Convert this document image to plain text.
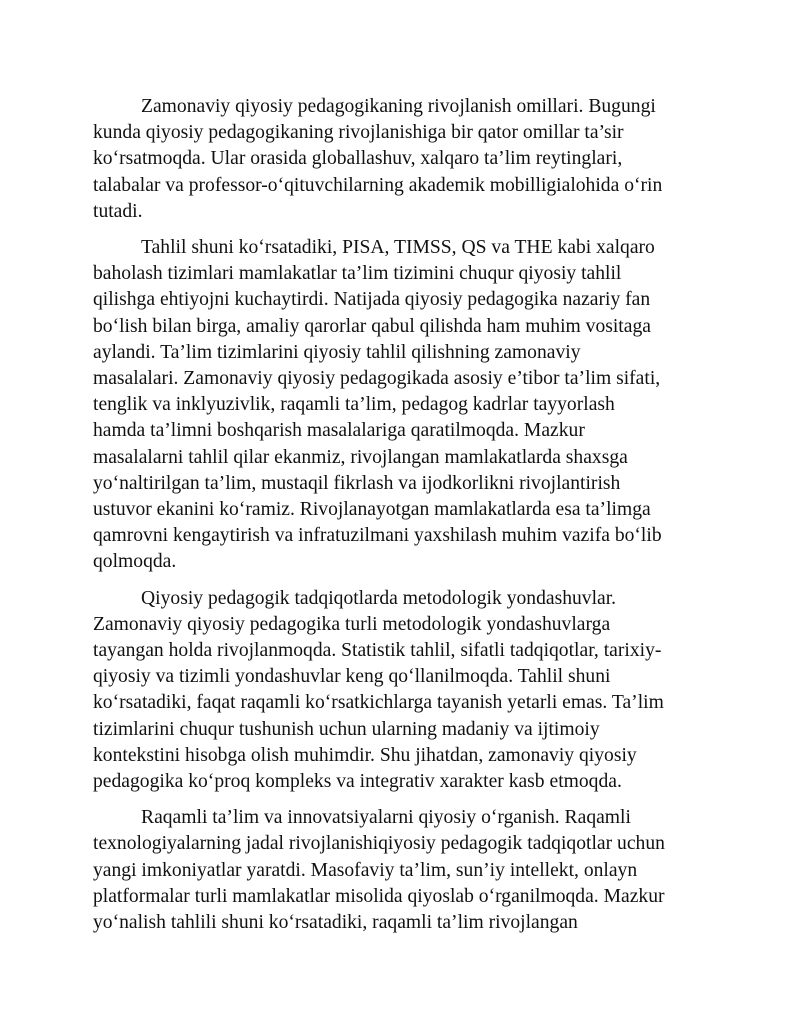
Zamonaviy qiyosiy pedagogikaning rivojlanish omillari. Bugungi
kunda qiyosiy pedagogikaning rivojlanishiga bir qator omillar ta’sir
ko‘rsatmoqda. Ular orasida globallashuv, xalqaro ta’lim reytinglari,
talabalar va professor-o‘qituvchilarning akademik mobilligialohida o‘rin
tutadi.

Tahlil shuni ko‘rsatadiki, PISA, TIMSS, QS va THE kabi xalqaro
baholash tizimlari mamlakatlar ta’lim tizimini chuqur qiyosiy tahlil
qilishga ehtiyojni kuchaytirdi. Natijada qiyosiy pedagogika nazariy fan
bo‘lish bilan birga, amaliy qarorlar qabul qilishda ham muhim vositaga
aylandi. Ta’lim tizimlarini qiyosiy tahlil qilishning zamonaviy
masalalari. Zamonaviy qiyosiy pedagogikada asosiy e’tibor ta’lim sifati,
tenglik va inklyuzivlik, raqamli ta’lim, pedagog kadrlar tayyorlash
hamda ta’limni boshqarish masalalariga qaratilmoqda. Mazkur
masalalarni tahlil qilar ekanmiz, rivojlangan mamlakatlarda shaxsga
yo‘naltirilgan ta’lim, mustaqil fikrlash va ijodkorlikni rivojlantirish
ustuvor ekanini ko‘ramiz. Rivojlanayotgan mamlakatlarda esa ta’limga
qamrovni kengaytirish va infratuzilmani yaxshilash muhim vazifa bo‘lib
qolmoqda.

Qiyosiy pedagogik tadqiqotlarda metodologik yondashuvlar.
Zamonaviy qiyosiy pedagogika turli metodologik yondashuvlarga
tayangan holda rivojlanmoqda. Statistik tahlil, sifatli tadqiqotlar, tarixiy-
qiyosiy va tizimli yondashuvlar keng qo‘llanilmoqda. Tahlil shuni
ko‘rsatadiki, faqat raqamli ko‘rsatkichlarga tayanish yetarli emas. Ta’lim
tizimlarini chuqur tushunish uchun ularning madaniy va ijtimoiy
kontekstini hisobga olish muhimdir. Shu jihatdan, zamonaviy qiyosiy
pedagogika ko‘proq kompleks va integrativ xarakter kasb etmoqda.

Raqamli ta’lim va innovatsiyalarni qiyosiy o‘rganish. Raqamli
texnologiyalarning jadal rivojlanishiqiyosiy pedagogik tadqiqotlar uchun
yangi imkoniyatlar yaratdi. Masofaviy ta’lim, sun’iy intellekt, onlayn
platformalar turli mamlakatlar misolida qiyoslab o‘rganilmoqda. Mazkur
yo‘nalish tahlili shuni ko‘rsatadiki, raqamli ta’lim rivojlangan
